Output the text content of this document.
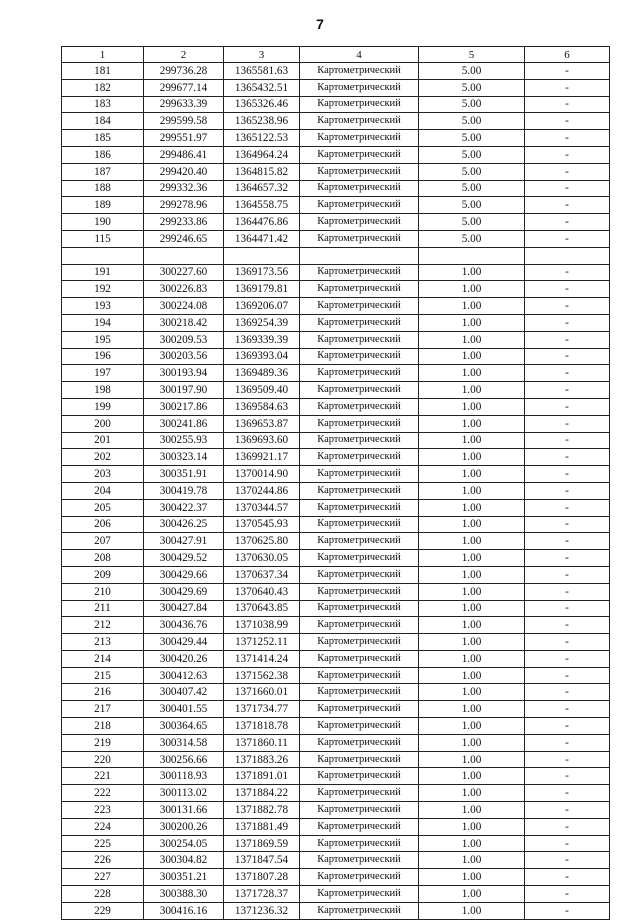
7
1	2	3	4	5	6
181	299736.28	1365581.63	Картометрический	5.00	-
182	299677.14	1365432.51	Картометрический	5.00	-
183	299633.39	1365326.46	Картометрический	5.00	-
184	299599.58	1365238.96	Картометрический	5.00	-
185	299551.97	1365122.53	Картометрический	5.00	-
186	299486.41	1364964.24	Картометрический	5.00	-
187	299420.40	1364815.82	Картометрический	5.00	-
188	299332.36	1364657.32	Картометрический	5.00	-
189	299278.96	1364558.75	Картометрический	5.00	-
190	299233.86	1364476.86	Картометрический	5.00	-
115	299246.65	1364471.42	Картометрический	5.00	-

191	300227.60	1369173.56	Картометрический	1.00	-
192	300226.83	1369179.81	Картометрический	1.00	-
193	300224.08	1369206.07	Картометрический	1.00	-
194	300218.42	1369254.39	Картометрический	1.00	-
195	300209.53	1369339.39	Картометрический	1.00	-
196	300203.56	1369393.04	Картометрический	1.00	-
197	300193.94	1369489.36	Картометрический	1.00	-
198	300197.90	1369509.40	Картометрический	1.00	-
199	300217.86	1369584.63	Картометрический	1.00	-
200	300241.86	1369653.87	Картометрический	1.00	-
201	300255.93	1369693.60	Картометрический	1.00	-
202	300323.14	1369921.17	Картометрический	1.00	-
203	300351.91	1370014.90	Картометрический	1.00	-
204	300419.78	1370244.86	Картометрический	1.00	-
205	300422.37	1370344.57	Картометрический	1.00	-
206	300426.25	1370545.93	Картометрический	1.00	-
207	300427.91	1370625.80	Картометрический	1.00	-
208	300429.52	1370630.05	Картометрический	1.00	-
209	300429.66	1370637.34	Картометрический	1.00	-
210	300429.69	1370640.43	Картометрический	1.00	-
211	300427.84	1370643.85	Картометрический	1.00	-
212	300436.76	1371038.99	Картометрический	1.00	-
213	300429.44	1371252.11	Картометрический	1.00	-
214	300420.26	1371414.24	Картометрический	1.00	-
215	300412.63	1371562.38	Картометрический	1.00	-
216	300407.42	1371660.01	Картометрический	1.00	-
217	300401.55	1371734.77	Картометрический	1.00	-
218	300364.65	1371818.78	Картометрический	1.00	-
219	300314.58	1371860.11	Картометрический	1.00	-
220	300256.66	1371883.26	Картометрический	1.00	-
221	300118.93	1371891.01	Картометрический	1.00	-
222	300113.02	1371884.22	Картометрический	1.00	-
223	300131.66	1371882.78	Картометрический	1.00	-
224	300200.26	1371881.49	Картометрический	1.00	-
225	300254.05	1371869.59	Картометрический	1.00	-
226	300304.82	1371847.54	Картометрический	1.00	-
227	300351.21	1371807.28	Картометрический	1.00	-
228	300388.30	1371728.37	Картометрический	1.00	-
229	300416.16	1371236.32	Картометрический	1.00	-
